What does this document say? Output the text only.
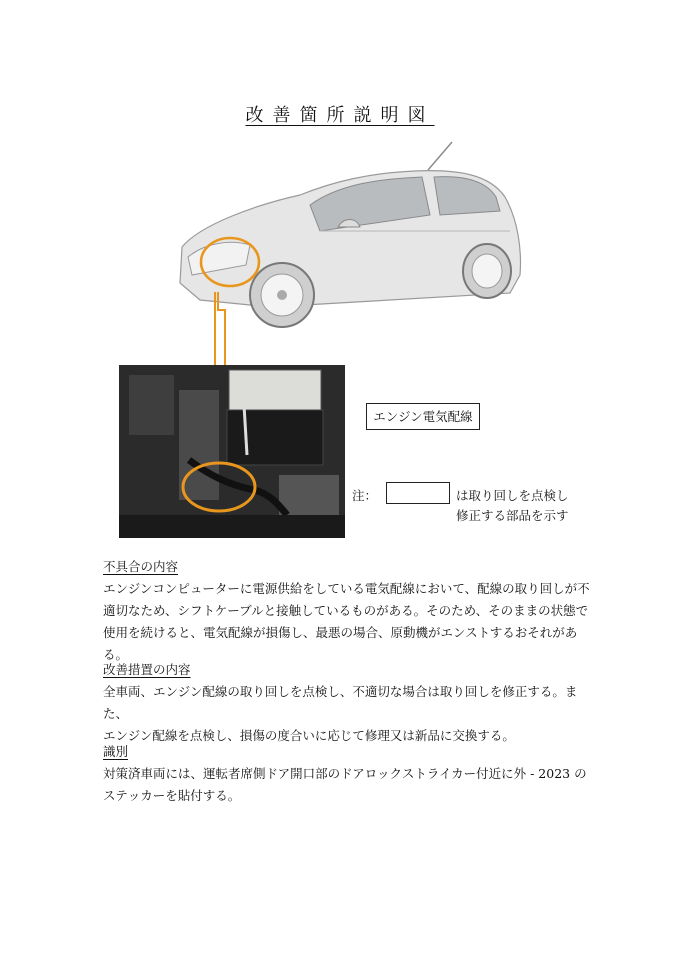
改善箇所説明図
エンジン電気配線
注：	は取り回しを点検し
修正する部品を示す
不具合の内容
エンジンコンピューターに電源供給をしている電気配線において、配線の取り回しが不
適切なため、シフトケーブルと接触しているものがある。そのため、そのままの状態で
使用を続けると、電気配線が損傷し、最悪の場合、原動機がエンストするおそれがある。
改善措置の内容
全車両、エンジン配線の取り回しを点検し、不適切な場合は取り回しを修正する。また、
エンジン配線を点検し、損傷の度合いに応じて修理又は新品に交換する。
識別
対策済車両には、運転者席側ドア開口部のドアロックストライカー付近に外 - 2023 の
ステッカーを貼付する。
